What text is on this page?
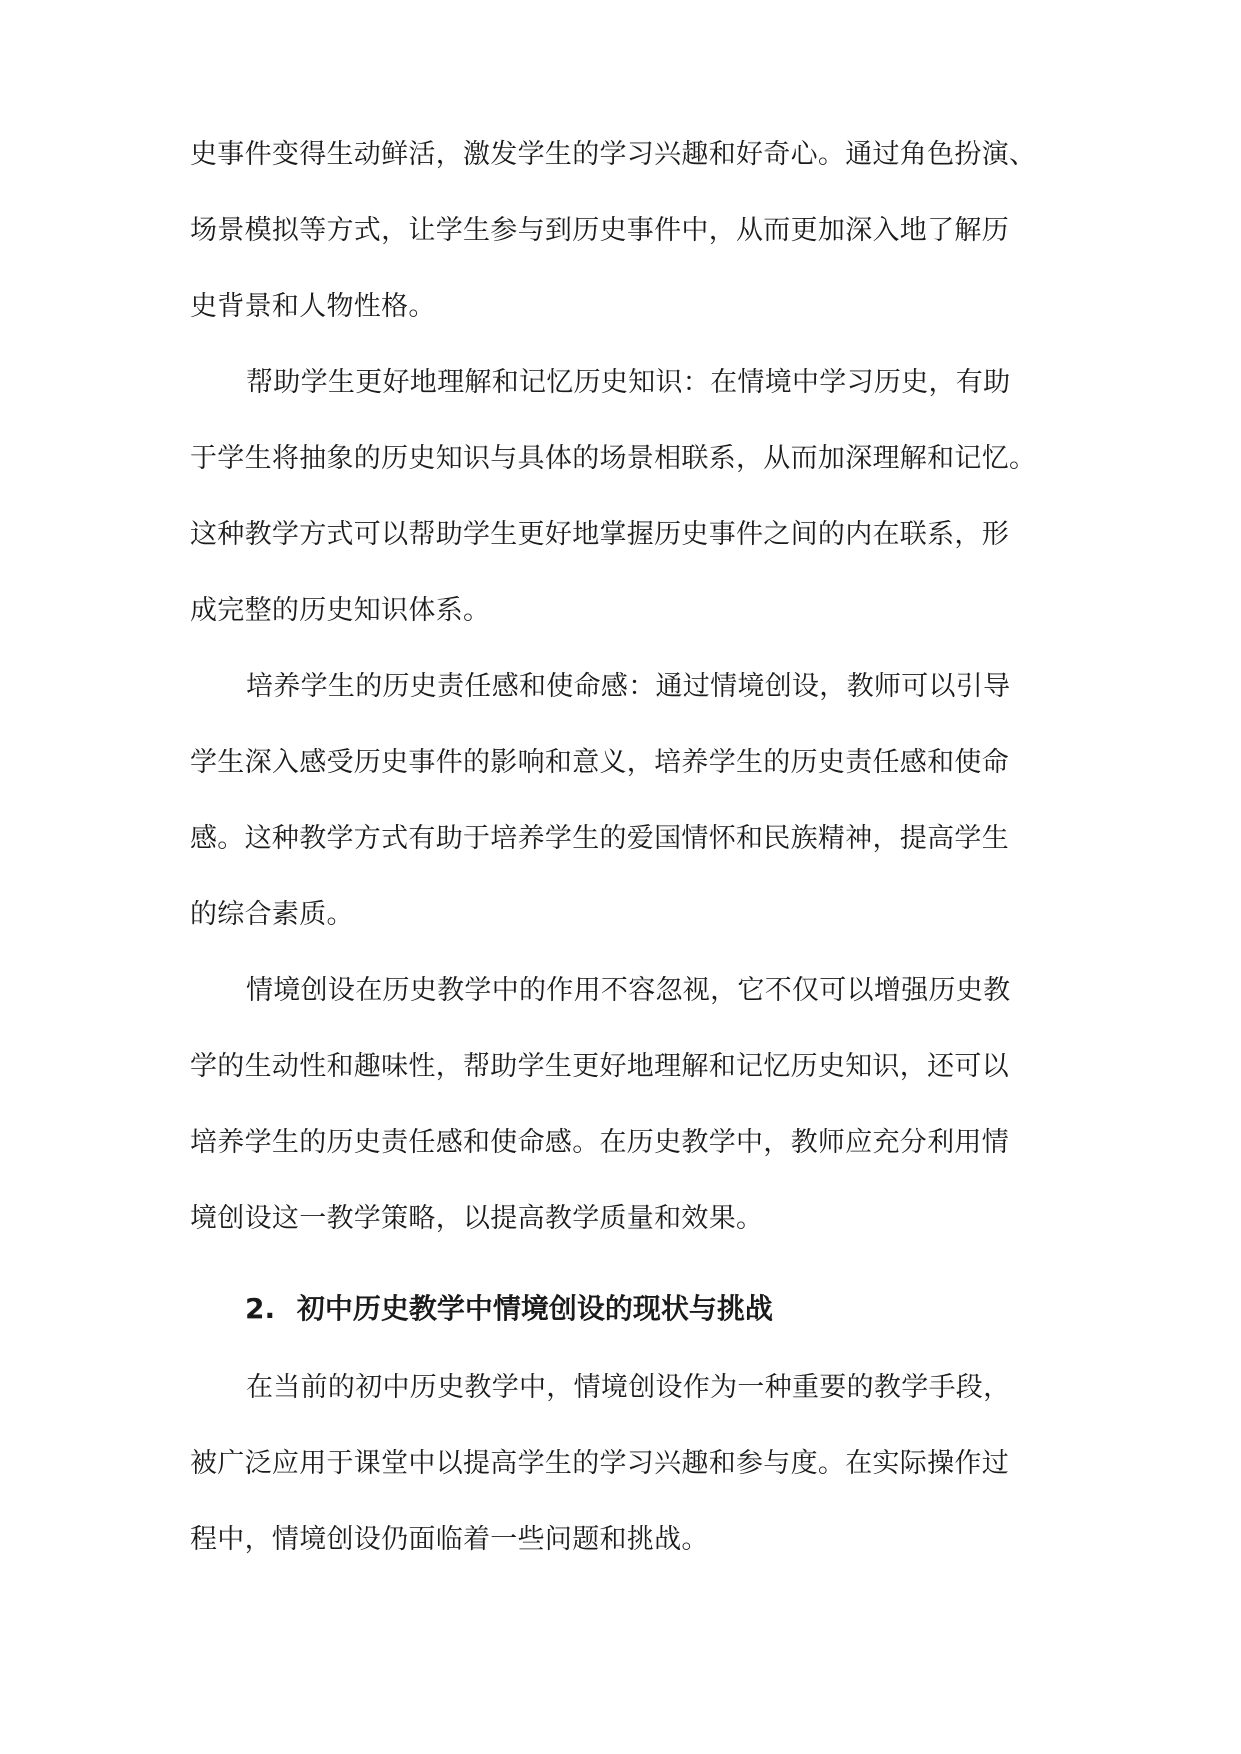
史事件变得生动鲜活，激发学生的学习兴趣和好奇心。通过角色扮演、
场景模拟等方式，让学生参与到历史事件中，从而更加深入地了解历
史背景和人物性格。
帮助学生更好地理解和记忆历史知识：在情境中学习历史，有助
于学生将抽象的历史知识与具体的场景相联系，从而加深理解和记忆。
这种教学方式可以帮助学生更好地掌握历史事件之间的内在联系，形
成完整的历史知识体系。
培养学生的历史责任感和使命感：通过情境创设，教师可以引导
学生深入感受历史事件的影响和意义，培养学生的历史责任感和使命
感。这种教学方式有助于培养学生的爱国情怀和民族精神，提高学生
的综合素质。
情境创设在历史教学中的作用不容忽视，它不仅可以增强历史教
学的生动性和趣味性，帮助学生更好地理解和记忆历史知识，还可以
培养学生的历史责任感和使命感。在历史教学中，教师应充分利用情
境创设这一教学策略，以提高教学质量和效果。
2. 初中历史教学中情境创设的现状与挑战
在当前的初中历史教学中，情境创设作为一种重要的教学手段，
被广泛应用于课堂中以提高学生的学习兴趣和参与度。在实际操作过
程中，情境创设仍面临着一些问题和挑战。
